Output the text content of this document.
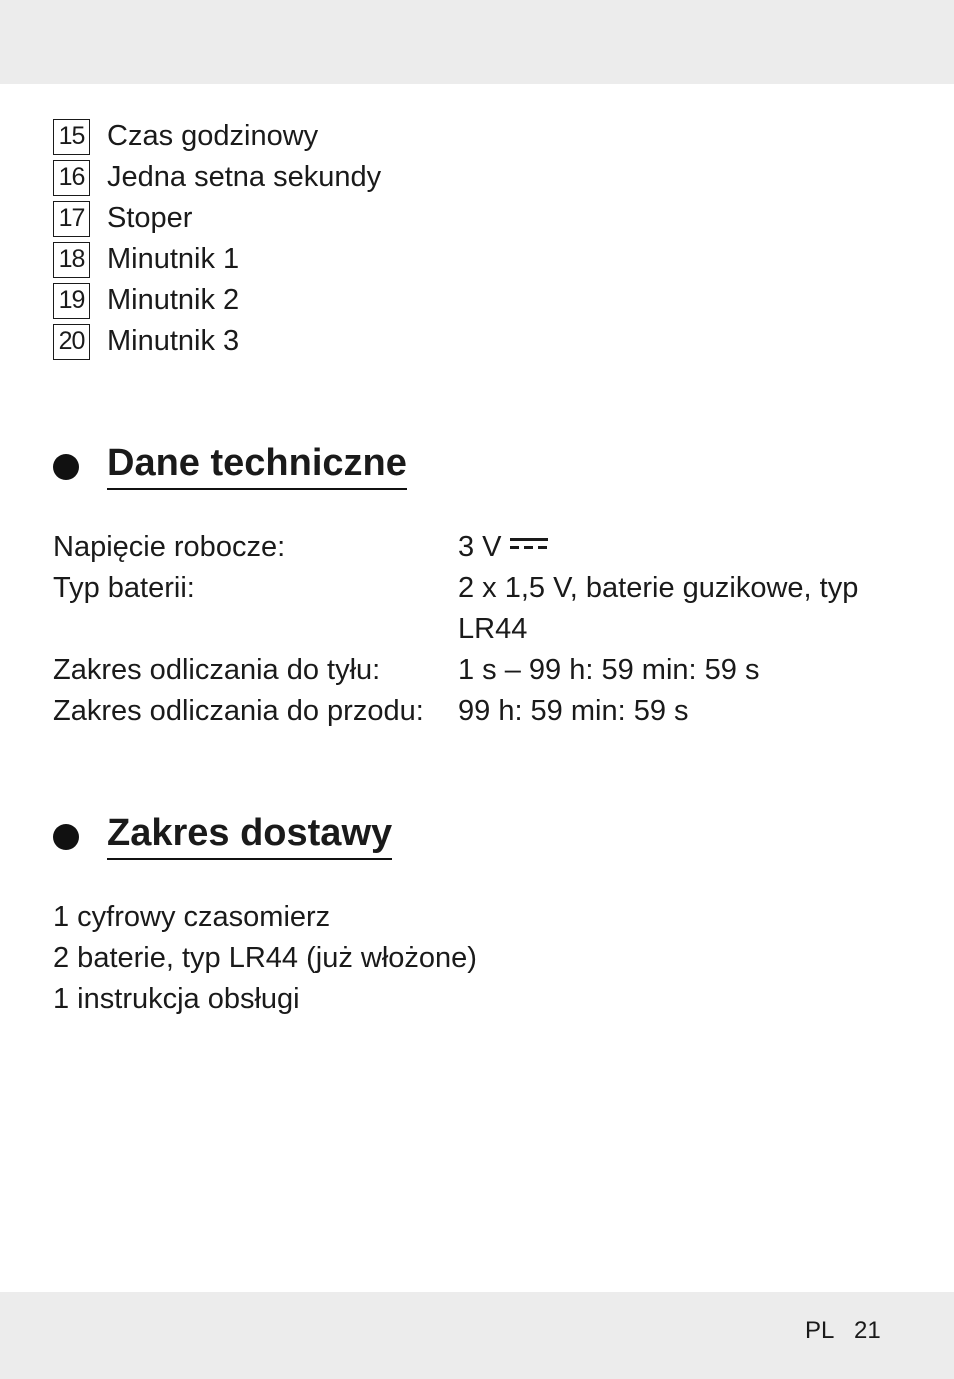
15 Czas godzinowy
16 Jedna setna sekundy
17 Stoper
18 Minutnik 1
19 Minutnik 2
20 Minutnik 3
Dane techniczne
Napięcie robocze:	3 V
Typ baterii:	2 x 1,5 V, baterie guzikowe, typ LR44
Zakres odliczania do tyłu:	1 s – 99 h: 59 min: 59 s
Zakres odliczania do przodu:	99 h: 59 min: 59 s
Zakres dostawy
1 cyfrowy czasomierz
2 baterie, typ LR44 (już włożone)
1 instrukcja obsługi
PL 21
